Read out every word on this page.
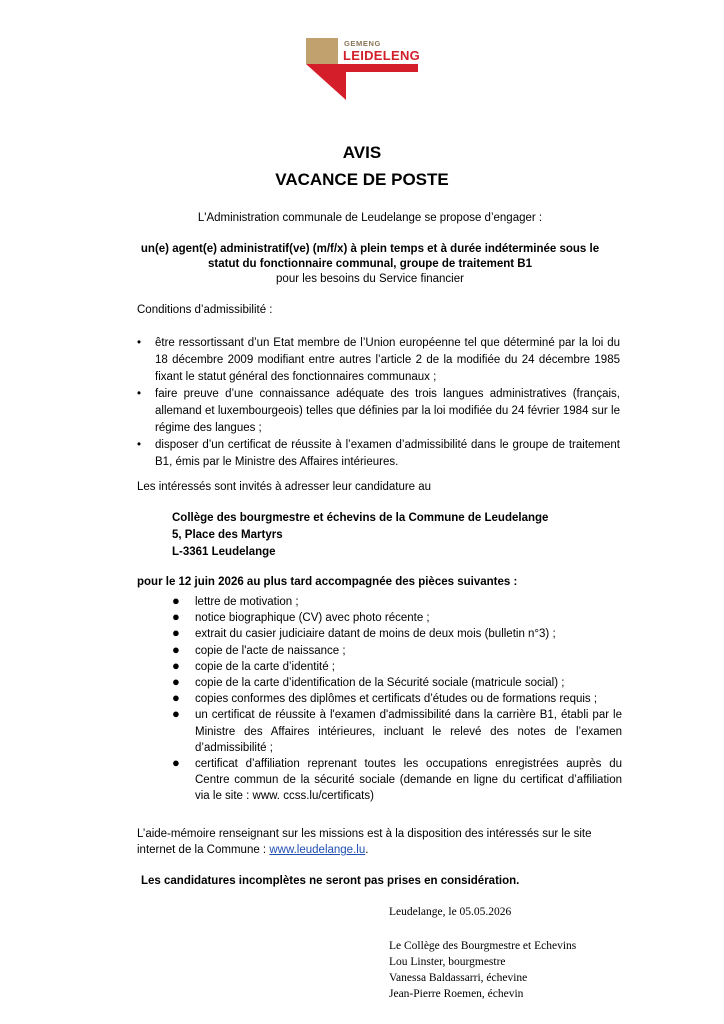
GEMENG
LEIDELENG
AVIS
VACANCE DE POSTE
L'Administration communale de Leudelange se propose d’engager :
un(e) agent(e) administratif(ve) (m/f/x) à plein temps et à durée indéterminée sous le
statut du fonctionnaire communal, groupe de traitement B1
pour les besoins du Service financier
Conditions d’admissibilité :
• être ressortissant d’un Etat membre de l’Union européenne tel que déterminé par la loi du 18 décembre 2009 modifiant entre autres l’article 2 de la modifiée du 24 décembre 1985 fixant le statut général des fonctionnaires communaux ;
• faire preuve d’une connaissance adéquate des trois langues administratives (français, allemand et luxembourgeois) telles que définies par la loi modifiée du 24 février 1984 sur le régime des langues ;
• disposer d’un certificat de réussite à l’examen d’admissibilité dans le groupe de traitement B1, émis par le Ministre des Affaires intérieures.
Les intéressés sont invités à adresser leur candidature au
Collège des bourgmestre et échevins de la Commune de Leudelange
5, Place des Martyrs
L-3361 Leudelange
pour le 12 juin 2026 au plus tard accompagnée des pièces suivantes :
● lettre de motivation ;
● notice biographique (CV) avec photo récente ;
● extrait du casier judiciaire datant de moins de deux mois (bulletin n°3) ;
● copie de l'acte de naissance ;
● copie de la carte d’identité ;
● copie de la carte d’identification de la Sécurité sociale (matricule social) ;
● copies conformes des diplômes et certificats d’études ou de formations requis ;
● un certificat de réussite à l'examen d'admissibilité dans la carrière B1, établi par le Ministre des Affaires intérieures, incluant le relevé des notes de l’examen d’admissibilité ;
● certificat d’affiliation reprenant toutes les occupations enregistrées auprès du Centre commun de la sécurité sociale (demande en ligne du certificat d’affiliation via le site : www. ccss.lu/certificats)
L’aide-mémoire renseignant sur les missions est à la disposition des intéressés sur le site
internet de la Commune : www.leudelange.lu.
Les candidatures incomplètes ne seront pas prises en considération.
Leudelange, le 05.05.2026
Le Collège des Bourgmestre et Echevins
Lou Linster, bourgmestre
Vanessa Baldassarri, échevine
Jean-Pierre Roemen, échevin
